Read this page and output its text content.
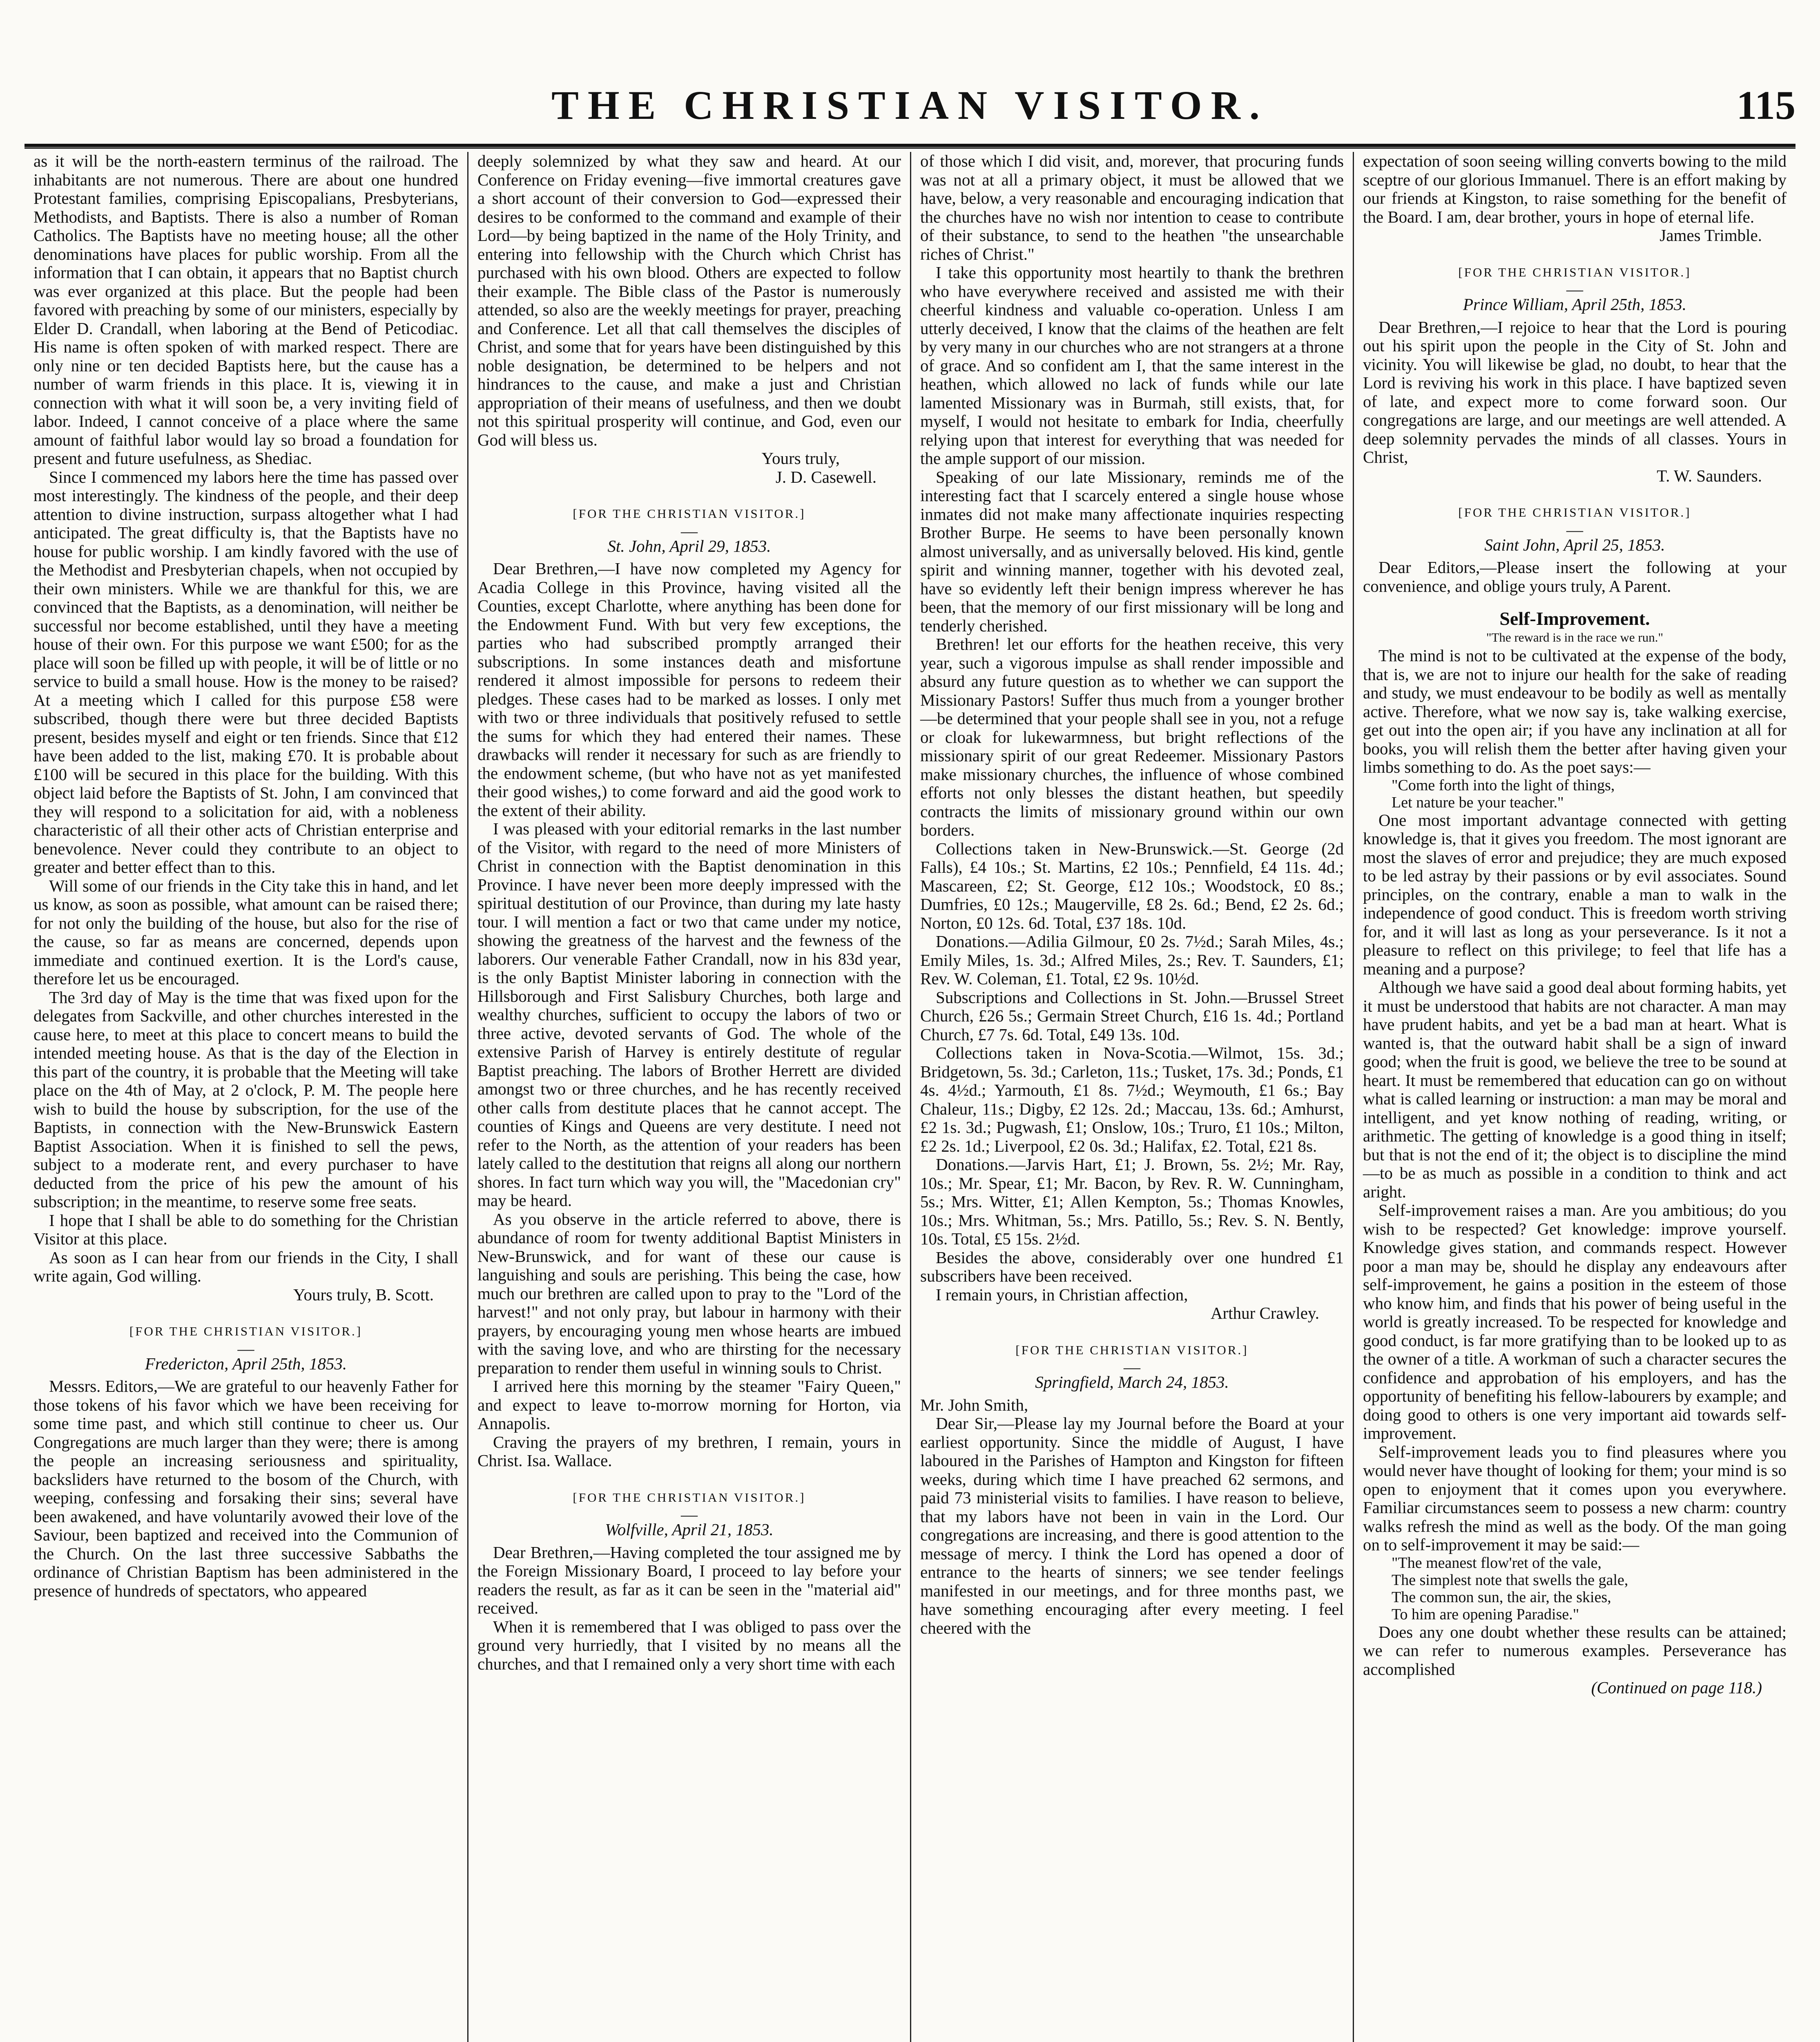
THE CHRISTIAN VISITOR.	115

as it will be the north-eastern terminus of the railroad. The inhabitants are not numerous. There are about one hundred Protestant families, comprising Episcopalians, Presbyterians, Methodists, and Baptists. There is also a number of Roman Catholics. The Baptists have no meeting house; all the other denominations have places for public worship. From all the information that I can obtain, it appears that no Baptist church was ever organized at this place. But the people had been favored with preaching by some of our ministers, especially by Elder D. Crandall, when laboring at the Bend of Peticodiac. His name is often spoken of with marked respect. There are only nine or ten decided Baptists here, but the cause has a number of warm friends in this place. It is, viewing it in connection with what it will soon be, a very inviting field of labor. Indeed, I cannot conceive of a place where the same amount of faithful labor would lay so broad a foundation for present and future usefulness, as Shediac.

Since I commenced my labors here the time has passed over most interestingly. The kindness of the people, and their deep attention to divine instruction, surpass altogether what I had anticipated. The great difficulty is, that the Baptists have no house for public worship. I am kindly favored with the use of the Methodist and Presbyterian chapels, when not occupied by their own ministers. While we are thankful for this, we are convinced that the Baptists, as a denomination, will neither be successful nor become established, until they have a meeting house of their own. For this purpose we want £500; for as the place will soon be filled up with people, it will be of little or no service to build a small house. How is the money to be raised? At a meeting which I called for this purpose £58 were subscribed, though there were but three decided Baptists present, besides myself and eight or ten friends. Since that £12 have been added to the list, making £70. It is probable about £100 will be secured in this place for the building. With this object laid before the Baptists of St. John, I am convinced that they will respond to a solicitation for aid, with a nobleness characteristic of all their other acts of Christian enterprise and benevolence. Never could they contribute to an object to greater and better effect than to this.

Will some of our friends in the City take this in hand, and let us know, as soon as possible, what amount can be raised there; for not only the building of the house, but also for the rise of the cause, so far as means are concerned, depends upon immediate and continued exertion. It is the Lord's cause, therefore let us be encouraged.

The 3rd day of May is the time that was fixed upon for the delegates from Sackville, and other churches interested in the cause here, to meet at this place to concert means to build the intended meeting house. As that is the day of the Election in this part of the country, it is probable that the Meeting will take place on the 4th of May, at 2 o'clock, P. M. The people here wish to build the house by subscription, for the use of the Baptists, in connection with the New-Brunswick Eastern Baptist Association. When it is finished to sell the pews, subject to a moderate rent, and every purchaser to have deducted from the price of his pew the amount of his subscription; in the meantime, to reserve some free seats.

I hope that I shall be able to do something for the Christian Visitor at this place.

As soon as I can hear from our friends in the City, I shall write again, God willing.

Yours truly, B. Scott.

[FOR THE CHRISTIAN VISITOR.]

—

Fredericton, April 25th, 1853.

Messrs. Editors,—We are grateful to our heavenly Father for those tokens of his favor which we have been receiving for some time past, and which still continue to cheer us. Our Congregations are much larger than they were; there is among the people an increasing seriousness and spirituality, backsliders have returned to the bosom of the Church, with weeping, confessing and forsaking their sins; several have been awakened, and have voluntarily avowed their love of the Saviour, been baptized and received into the Communion of the Church. On the last three successive Sabbaths the ordinance of Christian Baptism has been administered in the presence of hundreds of spectators, who appeared

deeply solemnized by what they saw and heard. At our Conference on Friday evening—five immortal creatures gave a short account of their conversion to God—expressed their desires to be conformed to the command and example of their Lord—by being baptized in the name of the Holy Trinity, and entering into fellowship with the Church which Christ has purchased with his own blood. Others are expected to follow their example. The Bible class of the Pastor is numerously attended, so also are the weekly meetings for prayer, preaching and Conference. Let all that call themselves the disciples of Christ, and some that for years have been distinguished by this noble designation, be determined to be helpers and not hindrances to the cause, and make a just and Christian appropriation of their means of usefulness, and then we doubt not this spiritual prosperity will continue, and God, even our God will bless us.

Yours truly,

J. D. Casewell.

[FOR THE CHRISTIAN VISITOR.]

—

St. John, April 29, 1853.

Dear Brethren,—I have now completed my Agency for Acadia College in this Province, having visited all the Counties, except Charlotte, where anything has been done for the Endowment Fund. With but very few exceptions, the parties who had subscribed promptly arranged their subscriptions. In some instances death and misfortune rendered it almost impossible for persons to redeem their pledges. These cases had to be marked as losses. I only met with two or three individuals that positively refused to settle the sums for which they had entered their names. These drawbacks will render it necessary for such as are friendly to the endowment scheme, (but who have not as yet manifested their good wishes,) to come forward and aid the good work to the extent of their ability.

I was pleased with your editorial remarks in the last number of the Visitor, with regard to the need of more Ministers of Christ in connection with the Baptist denomination in this Province. I have never been more deeply impressed with the spiritual destitution of our Province, than during my late hasty tour. I will mention a fact or two that came under my notice, showing the greatness of the harvest and the fewness of the laborers. Our venerable Father Crandall, now in his 83d year, is the only Baptist Minister laboring in connection with the Hillsborough and First Salisbury Churches, both large and wealthy churches, sufficient to occupy the labors of two or three active, devoted servants of God. The whole of the extensive Parish of Harvey is entirely destitute of regular Baptist preaching. The labors of Brother Herrett are divided amongst two or three churches, and he has recently received other calls from destitute places that he cannot accept. The counties of Kings and Queens are very destitute. I need not refer to the North, as the attention of your readers has been lately called to the destitution that reigns all along our northern shores. In fact turn which way you will, the "Macedonian cry" may be heard.

As you observe in the article referred to above, there is abundance of room for twenty additional Baptist Ministers in New-Brunswick, and for want of these our cause is languishing and souls are perishing. This being the case, how much our brethren are called upon to pray to the "Lord of the harvest!" and not only pray, but labour in harmony with their prayers, by encouraging young men whose hearts are imbued with the saving love, and who are thirsting for the necessary preparation to render them useful in winning souls to Christ.

I arrived here this morning by the steamer "Fairy Queen," and expect to leave to-morrow morning for Horton, via Annapolis.

Craving the prayers of my brethren, I remain, yours in Christ. Isa. Wallace.

[FOR THE CHRISTIAN VISITOR.]

—

Wolfville, April 21, 1853.

Dear Brethren,—Having completed the tour assigned me by the Foreign Missionary Board, I proceed to lay before your readers the result, as far as it can be seen in the "material aid" received.

When it is remembered that I was obliged to pass over the ground very hurriedly, that I visited by no means all the churches, and that I remained only a very short time with each

of those which I did visit, and, morever, that procuring funds was not at all a primary object, it must be allowed that we have, below, a very reasonable and encouraging indication that the churches have no wish nor intention to cease to contribute of their substance, to send to the heathen "the unsearchable riches of Christ."

I take this opportunity most heartily to thank the brethren who have everywhere received and assisted me with their cheerful kindness and valuable co-operation. Unless I am utterly deceived, I know that the claims of the heathen are felt by very many in our churches who are not strangers at a throne of grace. And so confident am I, that the same interest in the heathen, which allowed no lack of funds while our late lamented Missionary was in Burmah, still exists, that, for myself, I would not hesitate to embark for India, cheerfully relying upon that interest for everything that was needed for the ample support of our mission.

Speaking of our late Missionary, reminds me of the interesting fact that I scarcely entered a single house whose inmates did not make many affectionate inquiries respecting Brother Burpe. He seems to have been personally known almost universally, and as universally beloved. His kind, gentle spirit and winning manner, together with his devoted zeal, have so evidently left their benign impress wherever he has been, that the memory of our first missionary will be long and tenderly cherished.

Brethren! let our efforts for the heathen receive, this very year, such a vigorous impulse as shall render impossible and absurd any future question as to whether we can support the Missionary Pastors! Suffer thus much from a younger brother—be determined that your people shall see in you, not a refuge or cloak for lukewarmness, but bright reflections of the missionary spirit of our great Redeemer. Missionary Pastors make missionary churches, the influence of whose combined efforts not only blesses the distant heathen, but speedily contracts the limits of missionary ground within our own borders.

Collections taken in New-Brunswick.—St. George (2d Falls), £4 10s.; St. Martins, £2 10s.; Pennfield, £4 11s. 4d.; Mascareen, £2; St. George, £12 10s.; Woodstock, £0 8s.; Dumfries, £0 12s.; Maugerville, £8 2s. 6d.; Bend, £2 2s. 6d.; Norton, £0 12s. 6d. Total, £37 18s. 10d.

Donations.—Adilia Gilmour, £0 2s. 7½d.; Sarah Miles, 4s.; Emily Miles, 1s. 3d.; Alfred Miles, 2s.; Rev. T. Saunders, £1; Rev. W. Coleman, £1. Total, £2 9s. 10½d.

Subscriptions and Collections in St. John.—Brussel Street Church, £26 5s.; Germain Street Church, £16 1s. 4d.; Portland Church, £7 7s. 6d. Total, £49 13s. 10d.

Collections taken in Nova-Scotia.—Wilmot, 15s. 3d.; Bridgetown, 5s. 3d.; Carleton, 11s.; Tusket, 17s. 3d.; Ponds, £1 4s. 4½d.; Yarmouth, £1 8s. 7½d.; Weymouth, £1 6s.; Bay Chaleur, 11s.; Digby, £2 12s. 2d.; Maccau, 13s. 6d.; Amhurst, £2 1s. 3d.; Pugwash, £1; Onslow, 10s.; Truro, £1 10s.; Milton, £2 2s. 1d.; Liverpool, £2 0s. 3d.; Halifax, £2. Total, £21 8s.

Donations.—Jarvis Hart, £1; J. Brown, 5s. 2½; Mr. Ray, 10s.; Mr. Spear, £1; Mr. Bacon, by Rev. R. W. Cunningham, 5s.; Mrs. Witter, £1; Allen Kempton, 5s.; Thomas Knowles, 10s.; Mrs. Whitman, 5s.; Mrs. Patillo, 5s.; Rev. S. N. Bently, 10s. Total, £5 15s. 2½d.

Besides the above, considerably over one hundred £1 subscribers have been received.

I remain yours, in Christian affection,

Arthur Crawley.

[FOR THE CHRISTIAN VISITOR.]

—

Springfield, March 24, 1853.

Mr. John Smith,

Dear Sir,—Please lay my Journal before the Board at your earliest opportunity. Since the middle of August, I have laboured in the Parishes of Hampton and Kingston for fifteen weeks, during which time I have preached 62 sermons, and paid 73 ministerial visits to families. I have reason to believe, that my labors have not been in vain in the Lord. Our congregations are increasing, and there is good attention to the message of mercy. I think the Lord has opened a door of entrance to the hearts of sinners; we see tender feelings manifested in our meetings, and for three months past, we have something encouraging after every meeting. I feel cheered with the

expectation of soon seeing willing converts bowing to the mild sceptre of our glorious Immanuel. There is an effort making by our friends at Kingston, to raise something for the benefit of the Board. I am, dear brother, yours in hope of eternal life.

James Trimble.

[FOR THE CHRISTIAN VISITOR.]

—

Prince William, April 25th, 1853.

Dear Brethren,—I rejoice to hear that the Lord is pouring out his spirit upon the people in the City of St. John and vicinity. You will likewise be glad, no doubt, to hear that the Lord is reviving his work in this place. I have baptized seven of late, and expect more to come forward soon. Our congregations are large, and our meetings are well attended. A deep solemnity pervades the minds of all classes. Yours in Christ,

T. W. Saunders.

[FOR THE CHRISTIAN VISITOR.]

—

Saint John, April 25, 1853.

Dear Editors,—Please insert the following at your convenience, and oblige yours truly, A Parent.

Self-Improvement.

"The reward is in the race we run."

The mind is not to be cultivated at the expense of the body, that is, we are not to injure our health for the sake of reading and study, we must endeavour to be bodily as well as mentally active. Therefore, what we now say is, take walking exercise, get out into the open air; if you have any inclination at all for books, you will relish them the better after having given your limbs something to do. As the poet says:—

"Come forth into the light of things,

Let nature be your teacher."

One most important advantage connected with getting knowledge is, that it gives you freedom. The most ignorant are most the slaves of error and prejudice; they are much exposed to be led astray by their passions or by evil associates. Sound principles, on the contrary, enable a man to walk in the independence of good conduct. This is freedom worth striving for, and it will last as long as your perseverance. Is it not a pleasure to reflect on this privilege; to feel that life has a meaning and a purpose?

Although we have said a good deal about forming habits, yet it must be understood that habits are not character. A man may have prudent habits, and yet be a bad man at heart. What is wanted is, that the outward habit shall be a sign of inward good; when the fruit is good, we believe the tree to be sound at heart. It must be remembered that education can go on without what is called learning or instruction: a man may be moral and intelligent, and yet know nothing of reading, writing, or arithmetic. The getting of knowledge is a good thing in itself; but that is not the end of it; the object is to discipline the mind—to be as much as possible in a condition to think and act aright.

Self-improvement raises a man. Are you ambitious; do you wish to be respected? Get knowledge: improve yourself. Knowledge gives station, and commands respect. However poor a man may be, should he display any endeavours after self-improvement, he gains a position in the esteem of those who know him, and finds that his power of being useful in the world is greatly increased. To be respected for knowledge and good conduct, is far more gratifying than to be looked up to as the owner of a title. A workman of such a character secures the confidence and approbation of his employers, and has the opportunity of benefiting his fellow-labourers by example; and doing good to others is one very important aid towards self-improvement.

Self-improvement leads you to find pleasures where you would never have thought of looking for them; your mind is so open to enjoyment that it comes upon you everywhere. Familiar circumstances seem to possess a new charm: country walks refresh the mind as well as the body. Of the man going on to self-improvement it may be said:—

"The meanest flow'ret of the vale,

The simplest note that swells the gale,

The common sun, the air, the skies,

To him are opening Paradise."

Does any one doubt whether these results can be attained; we can refer to numerous examples. Perseverance has accomplished

(Continued on page 118.)
